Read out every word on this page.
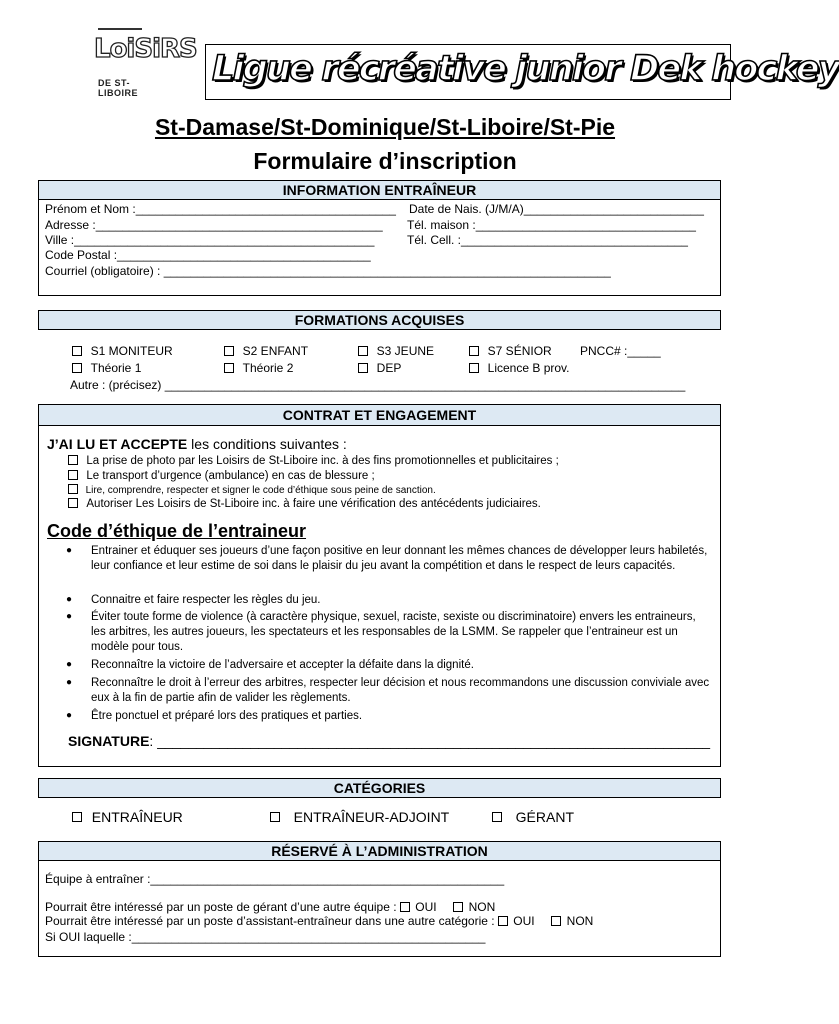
LoiSiRS
DE ST-LIBOIRE
Ligue récréative junior Dek hockey
St-Damase/St-Dominique/St-Liboire/St-Pie
Formulaire d’inscription
INFORMATION ENTRAÎNEUR
Prénom et Nom :_______________________________________ Date de Nais. (J/M/A)___________________________
Adresse :___________________________________________ Tél. maison :_________________________________
Ville :_____________________________________________	Tél. Cell. :__________________________________
Code Postal :______________________________________
Courriel (obligatoire) : ___________________________________________________________________
FORMATIONS ACQUISES
S1 MONITEUR	S2 ENFANT	S3 JEUNE	S7 SÉNIOR PNCC# :_____
Théorie 1	Théorie 2	DEP	Licence B prov.
Autre : (précisez) ______________________________________________________________________________
CONTRAT ET ENGAGEMENT
J’AI LU ET ACCEPTE les conditions suivantes :
La prise de photo par les Loisirs de St-Liboire inc. à des fins promotionnelles et publicitaires ;
Le transport d’urgence (ambulance) en cas de blessure ;
Lire, comprendre, respecter et signer le code d’éthique sous peine de sanction.
Autoriser Les Loisirs de St-Liboire inc. à faire une vérification des antécédents judiciaires.
Code d’éthique de l’entraineur
● Entrainer et éduquer ses joueurs d’une façon positive en leur donnant les mêmes chances de développer leurs habiletés, leur confiance et leur estime de soi dans le plaisir du jeu avant la compétition et dans le respect de leurs capacités.
● Connaitre et faire respecter les règles du jeu.
● Éviter toute forme de violence (à caractère physique, sexuel, raciste, sexiste ou discriminatoire) envers les entraineurs, les arbitres, les autres joueurs, les spectateurs et les responsables de la LSMM. Se rappeler que l’entraineur est un modèle pour tous.
● Reconnaître la victoire de l’adversaire et accepter la défaite dans la dignité.
● Reconnaître le droit à l’erreur des arbitres, respecter leur décision et nous recommandons une discussion conviviale avec eux à la fin de partie afin de valider les règlements.
● Être ponctuel et préparé lors des pratiques et parties.
SIGNATURE: _______________________________________________________________________
CATÉGORIES
ENTRAÎNEUR	ENTRAÎNEUR-ADJOINT	GÉRANT
RÉSERVÉ À L’ADMINISTRATION
Équipe à entraîner :_____________________________________________________
Pourrait être intéressé par un poste de gérant d’une autre équipe : OUI	NON
Pourrait être intéressé par un poste d’assistant-entraîneur dans une autre catégorie : OUI	NON
Si OUI laquelle :_____________________________________________________
